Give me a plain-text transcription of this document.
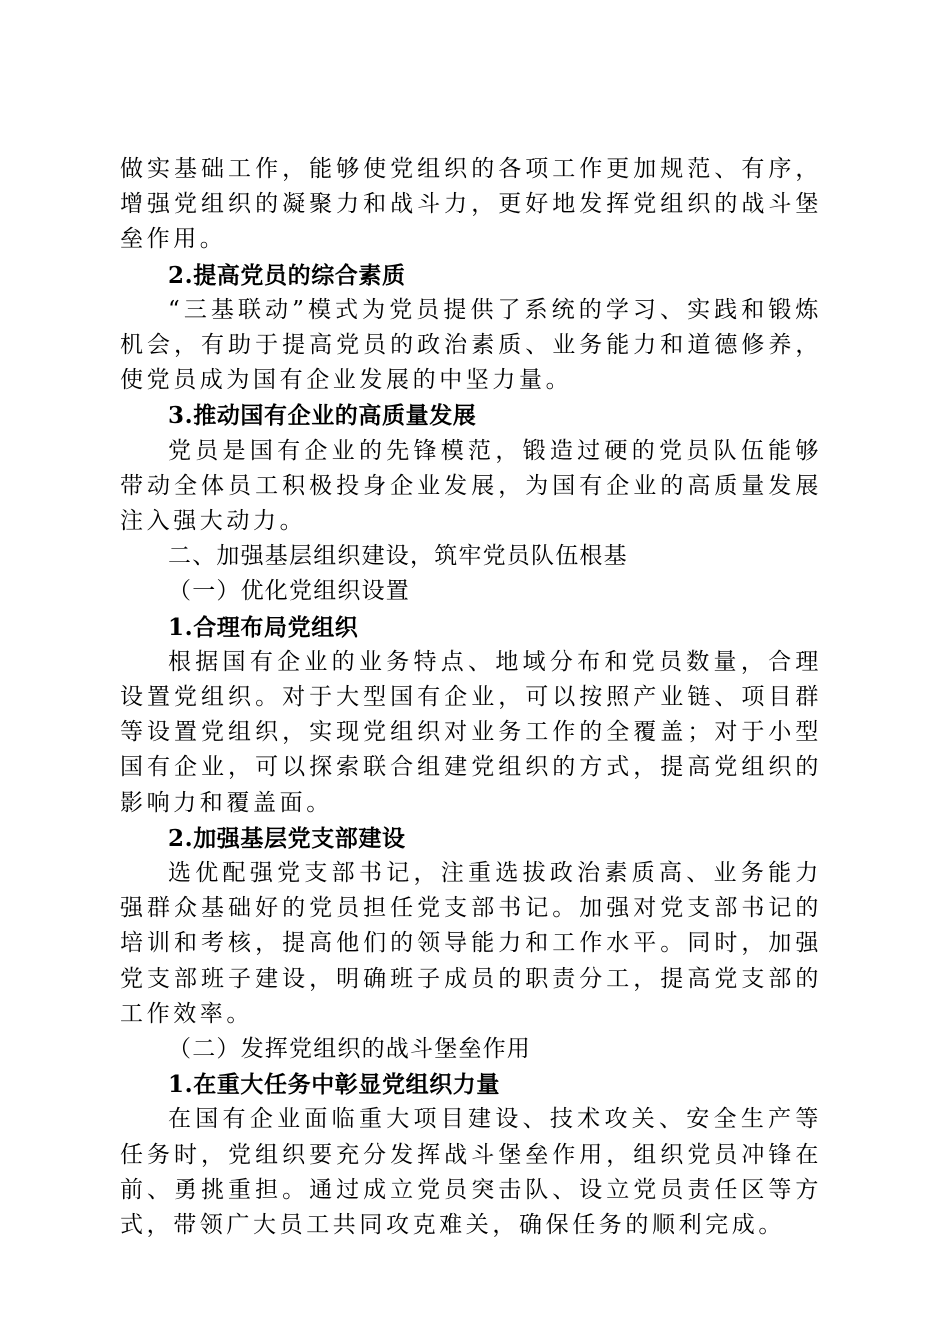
做实基础工作，能够使党组织的各项工作更加规范、有序，增强党组织的凝聚力和战斗力，更好地发挥党组织的战斗堡垒作用。

2.提高党员的综合素质

“三基联动”模式为党员提供了系统的学习、实践和锻炼机会，有助于提高党员的政治素质、业务能力和道德修养，使党员成为国有企业发展的中坚力量。

3.推动国有企业的高质量发展

党员是国有企业的先锋模范，锻造过硬的党员队伍能够带动全体员工积极投身企业发展，为国有企业的高质量发展注入强大动力。

二、加强基层组织建设，筑牢党员队伍根基

（一）优化党组织设置

1.合理布局党组织

根据国有企业的业务特点、地域分布和党员数量，合理设置党组织。对于大型国有企业，可以按照产业链、项目群等设置党组织，实现党组织对业务工作的全覆盖；对于小型国有企业，可以探索联合组建党组织的方式，提高党组织的影响力和覆盖面。

2.加强基层党支部建设

选优配强党支部书记，注重选拔政治素质高、业务能力强群众基础好的党员担任党支部书记。加强对党支部书记的培训和考核，提高他们的领导能力和工作水平。同时，加强党支部班子建设，明确班子成员的职责分工，提高党支部的工作效率。

（二）发挥党组织的战斗堡垒作用

1.在重大任务中彰显党组织力量

在国有企业面临重大项目建设、技术攻关、安全生产等任务时，党组织要充分发挥战斗堡垒作用，组织党员冲锋在前、勇挑重担。通过成立党员突击队、设立党员责任区等方式，带领广大员工共同攻克难关，确保任务的顺利完成。
